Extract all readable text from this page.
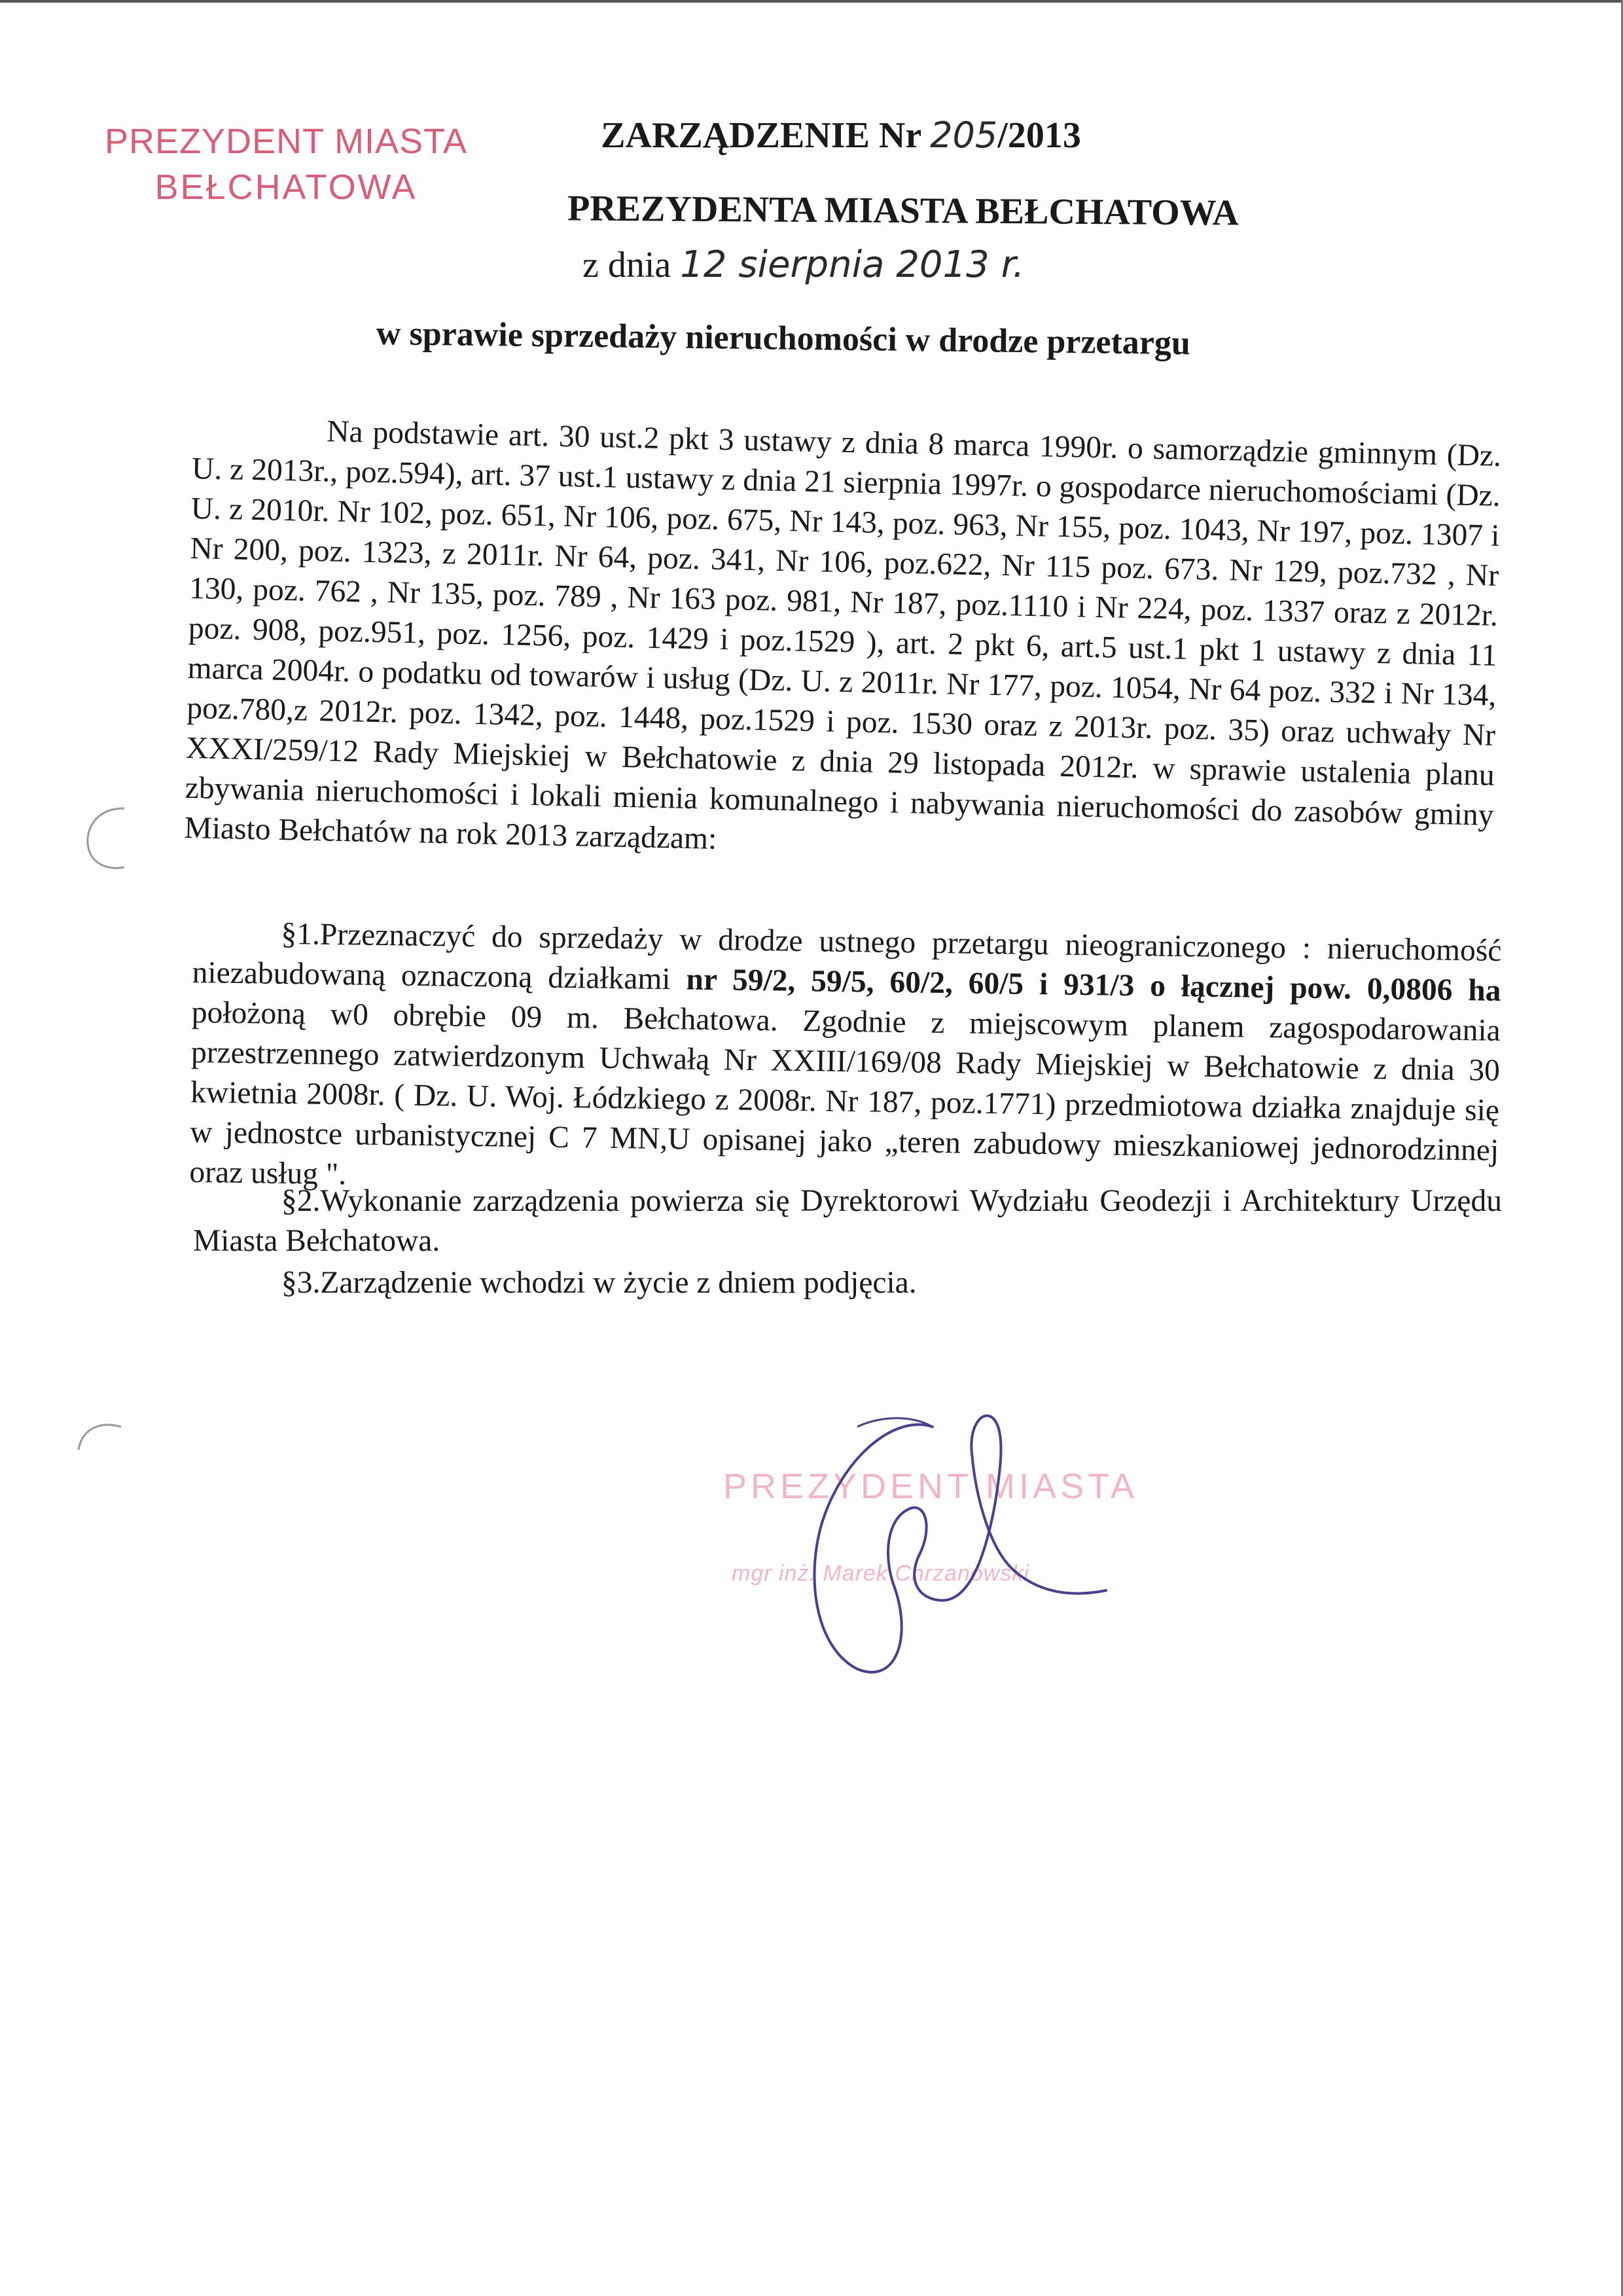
PREZYDENT MIASTA
BEŁCHATOWA
ZARZĄDZENIE Nr 205/2013
PREZYDENTA MIASTA BEŁCHATOWA
z dnia 12 sierpnia 2013 r.
w sprawie sprzedaży nieruchomości w drodze przetargu
Na podstawie art. 30 ust.2 pkt 3 ustawy z dnia 8 marca 1990r. o samorządzie gminnym (Dz. U. z 2013r., poz.594), art. 37 ust.1 ustawy z dnia 21 sierpnia 1997r. o gospodarce nieruchomościami (Dz. U. z 2010r. Nr 102, poz. 651, Nr 106, poz. 675, Nr 143, poz. 963, Nr 155, poz. 1043, Nr 197, poz. 1307 i Nr 200, poz. 1323, z 2011r. Nr 64, poz. 341, Nr 106, poz.622, Nr 115 poz. 673. Nr 129, poz.732 , Nr 130, poz. 762 , Nr 135, poz. 789 , Nr 163 poz. 981, Nr 187, poz.1110 i Nr 224, poz. 1337 oraz z 2012r. poz. 908, poz.951, poz. 1256, poz. 1429 i poz.1529 ), art. 2 pkt 6, art.5 ust.1 pkt 1 ustawy z dnia 11 marca 2004r. o podatku od towarów i usług (Dz. U. z 2011r. Nr 177, poz. 1054, Nr 64 poz. 332 i Nr 134, poz.780,z 2012r. poz. 1342, poz. 1448, poz.1529 i poz. 1530 oraz z 2013r. poz. 35) oraz uchwały Nr XXXI/259/12 Rady Miejskiej w Bełchatowie z dnia 29 listopada 2012r. w sprawie ustalenia planu zbywania nieruchomości i lokali mienia komunalnego i nabywania nieruchomości do zasobów gminy Miasto Bełchatów na rok 2013 zarządzam:
§1.Przeznaczyć do sprzedaży w drodze ustnego przetargu nieograniczonego : nieruchomość niezabudowaną oznaczoną działkami nr 59/2, 59/5, 60/2, 60/5 i 931/3 o łącznej pow. 0,0806 ha położoną w0 obrębie 09 m. Bełchatowa. Zgodnie z miejscowym planem zagospodarowania przestrzennego zatwierdzonym Uchwałą Nr XXIII/169/08 Rady Miejskiej w Bełchatowie z dnia 30 kwietnia 2008r. ( Dz. U. Woj. Łódzkiego z 2008r. Nr 187, poz.1771) przedmiotowa działka znajduje się w jednostce urbanistycznej C 7 MN,U opisanej jako „teren zabudowy mieszkaniowej jednorodzinnej oraz usług ".
§2.Wykonanie zarządzenia powierza się Dyrektorowi Wydziału Geodezji i Architektury Urzędu Miasta Bełchatowa.
§3.Zarządzenie wchodzi w życie z dniem podjęcia.
PREZYDENT MIASTA
mgr inż. Marek Chrzanowski
